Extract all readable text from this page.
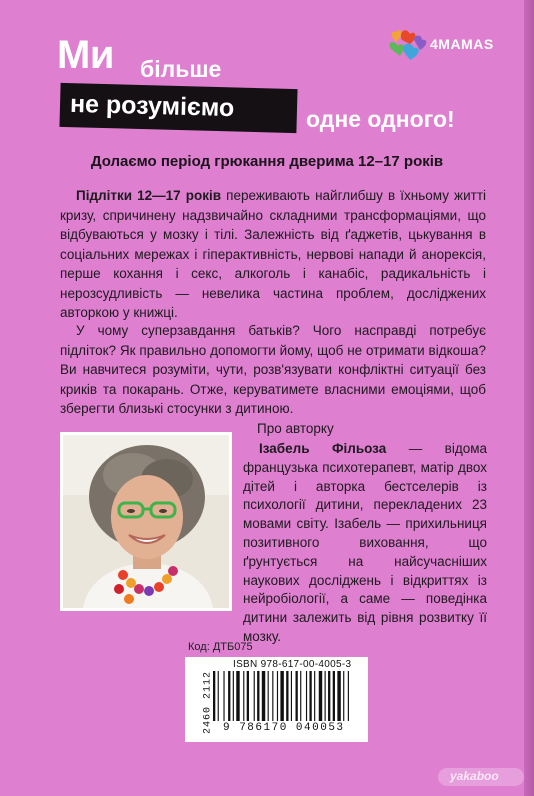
4MAMAS
Ми більше
не розуміємо	одне одного!
Долаємо період грюкання дверима 12–17 років
Підлітки 12—17 років переживають найглибшу в їхньому житті кризу, спричинену надзвичайно складними трансформаціями, що відбуваються у мозку і тілі. Залежність від ґаджетів, цькування в соціальних мережах і гіперактивність, нервові напади й анорексія, перше кохання і секс, алкоголь і канабіс, радикальність і нерозсудливість — невелика частина проблем, досліджених авторкою у книжці.
У чому суперзавдання батьків? Чого насправді потребує підліток? Як правильно допомогти йому, щоб не отримати відкоша? Ви навчитеся розуміти, чути, розв'язувати конфліктні ситуації без криків та покарань. Отже, керуватимете власними емоціями, щоб зберегти близькі стосунки з дитиною.
Про авторку
Ізабель Фільоза — відома французька психотерапевт, матір двох дітей і авторка бестселерів із психології дитини, перекладених 23 мовами світу. Ізабель — прихильниця позитивного виховання, що ґрунтується на найсучасніших наукових досліджень і відкриттях із нейробіології, а саме — поведінка дитини залежить від рівня розвитку її мозку.
Код: ДТБ075
ISBN 978-617-00-4005-3
9 786170 040053
2460 2112
yakaboo
